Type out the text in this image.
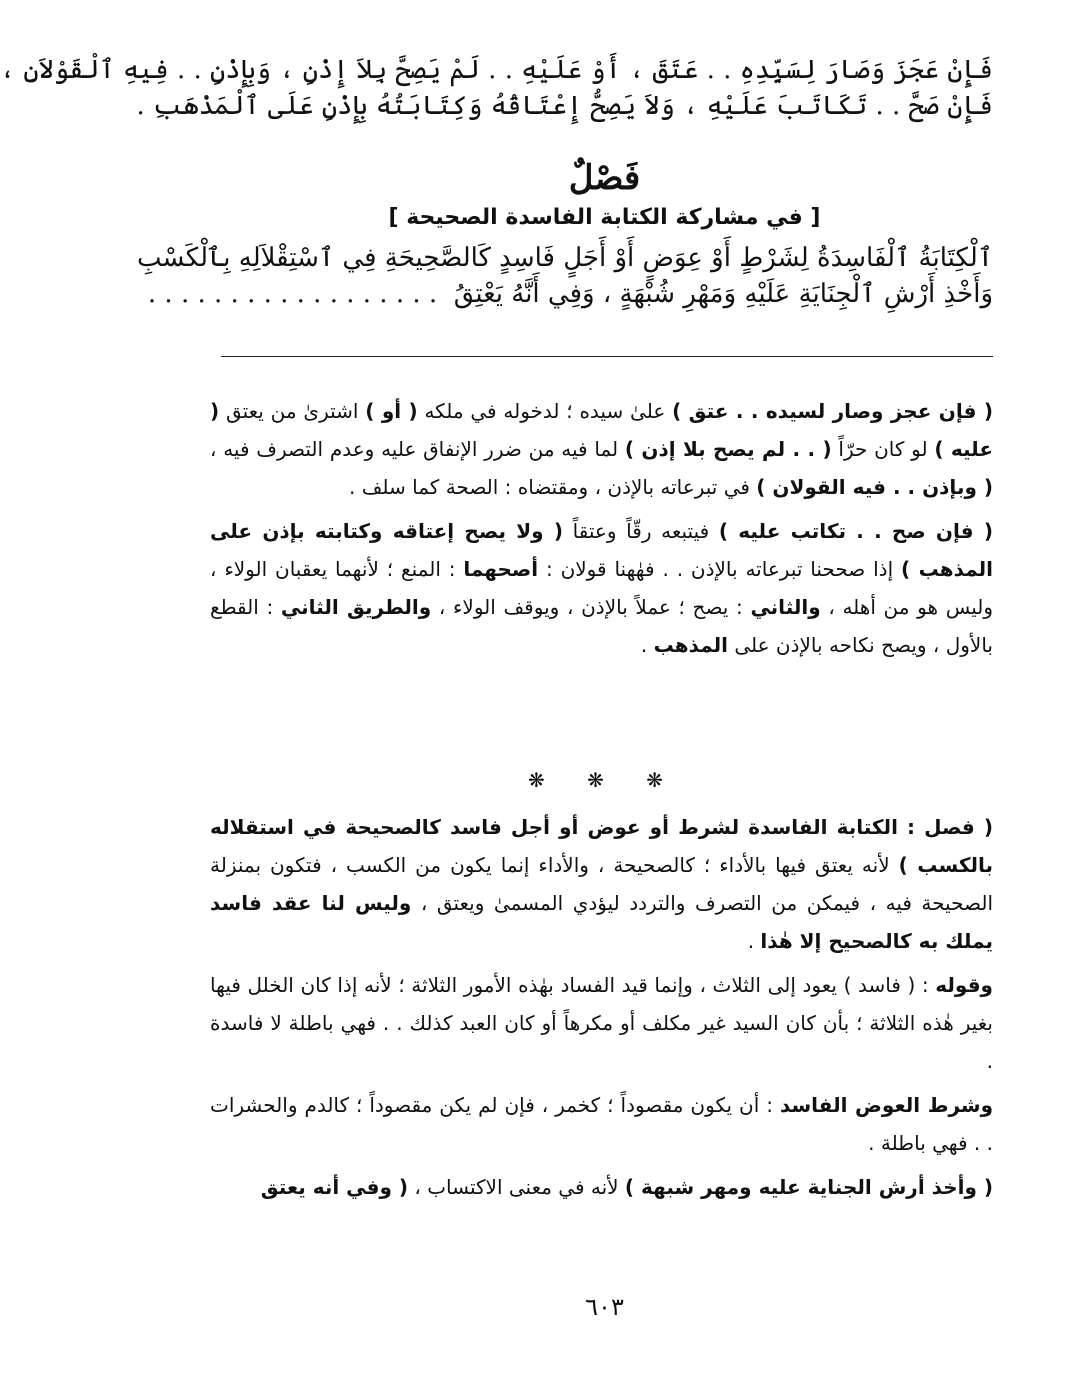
فَإِنْ عَجَزَ وَصَارَ لِسَيِّدِهِ . . عَتَقَ ، أَوْ عَلَيْهِ . . لَمْ يَصِحَّ بِلاَ إِذْنٍ ، وَبِإِذْنٍ . . فِيهِ ٱلْقَوْلاَنِ ،
فَإِنْ صَحَّ . . تَكَاتَبَ عَلَيْهِ ، وَلاَ يَصِحُّ إِعْتَاقُهُ وَكِتَابَتُهُ بِإِذْنٍ عَلَى ٱلْمَذْهَبِ .
فَصْلٌ
[ في مشاركة الكتابة الفاسدة الصحيحة ]
ٱلْكِتَابَةُ ٱلْفَاسِدَةُ لِشَرْطٍ أَوْ عِوَضٍ أَوْ أَجَلٍ فَاسِدٍ كَالصَّحِيحَةِ فِي ٱسْتِقْلاَلِهِ بِٱلْكَسْبِ
وَأَخْذِ أَرْشِ ٱلْجِنَايَةِ عَلَيْهِ وَمَهْرِ شُبْهَةٍ ، وَفِي أَنَّهُ يَعْتِقُ  . . . . . . . . . . . . . . . . . .

( فإن عجز وصار لسيده . . عتق ) علىٰ سيده ؛ لدخوله في ملكه ( أو ) اشترىٰ من يعتق ( عليه ) لو كان حرّاً ( . . لم يصح بلا إذن ) لما فيه من ضرر الإنفاق عليه وعدم التصرف فيه ، ( وبإذن . . فيه القولان ) في تبرعاته بالإذن ، ومقتضاه : الصحة كما سلف .

( فإن صح . . تكاتب عليه ) فيتبعه رقّاً وعتقاً ( ولا يصح إعتاقه وكتابته بإذن على المذهب ) إذا صححنا تبرعاته بالإذن . . فهٰهنا قولان : أصحهما : المنع ؛ لأنهما يعقبان الولاء ، وليس هو من أهله ، والثاني : يصح ؛ عملاً بالإذن ، ويوقف الولاء ، والطريق الثاني : القطع بالأول ، ويصح نكاحه بالإذن على المذهب .

❋ ❋ ❋

( فصل : الكتابة الفاسدة لشرط أو عوض أو أجل فاسد كالصحيحة في استقلاله بالكسب ) لأنه يعتق فيها بالأداء ؛ كالصحيحة ، والأداء إنما يكون من الكسب ، فتكون بمنزلة الصحيحة فيه ، فيمكن من التصرف والتردد ليؤدي المسمىٰ ويعتق ، وليس لنا عقد فاسد يملك به كالصحيح إلا هٰذا .

وقوله : ( فاسد ) يعود إلى الثلاث ، وإنما قيد الفساد بهٰذه الأمور الثلاثة ؛ لأنه إذا كان الخلل فيها بغير هٰذه الثلاثة ؛ بأن كان السيد غير مكلف أو مكرهاً أو كان العبد كذلك . . فهي باطلة لا فاسدة .

وشرط العوض الفاسد : أن يكون مقصوداً ؛ كخمر ، فإن لم يكن مقصوداً ؛ كالدم والحشرات . . فهي باطلة .

( وأخذ أرش الجناية عليه ومهر شبهة ) لأنه في معنى الاكتساب ، ( وفي أنه يعتق

٦٠٣
